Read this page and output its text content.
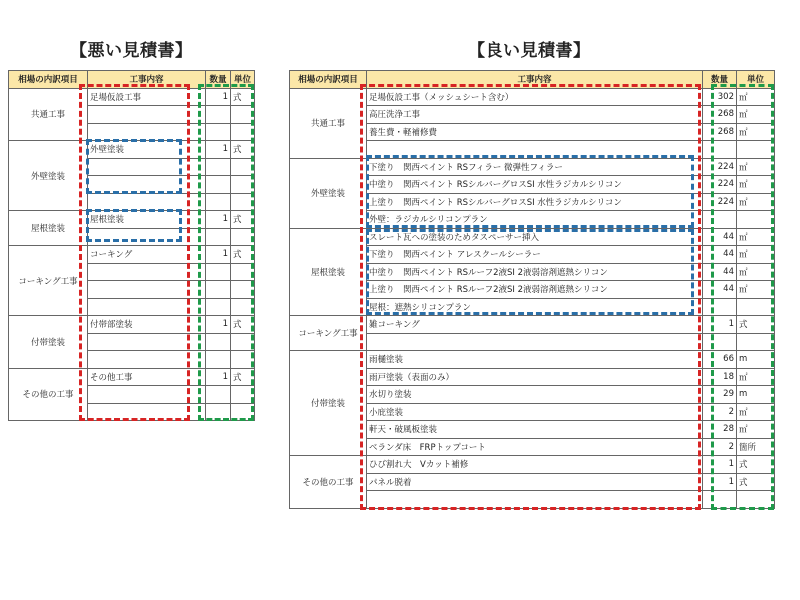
【悪い見積書】	【良い見積書】
相場の内訳項目	工事内容	数量	単位
共通工事	足場仮設工事	1	式

外壁塗装	外壁塗装	1	式

屋根塗装	屋根塗装	1	式

コーキング工事	コーキング	1	式

付帯塗装	付帯部塗装	1	式

その他の工事	その他工事	1	式

相場の内訳項目	工事内容	数量	単位
共通工事	足場仮設工事（メッシュシート含む）	302	㎡
	高圧洗浄工事	268	㎡
	養生費・軽補修費	268	㎡

外壁塗装	下塗り　関西ペイント RSフィラー 微弾性フィラー	224	㎡
	中塗り　関西ペイント RSシルバーグロスSI 水性ラジカルシリコン	224	㎡
	上塗り　関西ペイント RSシルバーグロスSI 水性ラジカルシリコン	224	㎡
	外壁：ラジカルシリコンプラン		
屋根塗装	スレート瓦への塗装のためタスペーサー挿入	44	㎡
	下塗り　関西ペイント アレスクールシーラー	44	㎡
	中塗り　関西ペイント RSルーフ2液SI 2液弱溶剤遮熱シリコン	44	㎡
	上塗り　関西ペイント RSルーフ2液SI 2液弱溶剤遮熱シリコン	44	㎡
	屋根：遮熱シリコンプラン		
コーキング工事	雑コーキング	1	式

付帯塗装	雨樋塗装	66	m
	雨戸塗装（表面のみ）	18	㎡
	水切り塗装	29	m
	小庇塗装	2	㎡
	軒天・破風板塗装	28	㎡
	ベランダ床　FRPトップコート	2	箇所
その他の工事	ひび割れ大　Vカット補修	1	式
	パネル脱着	1	式
